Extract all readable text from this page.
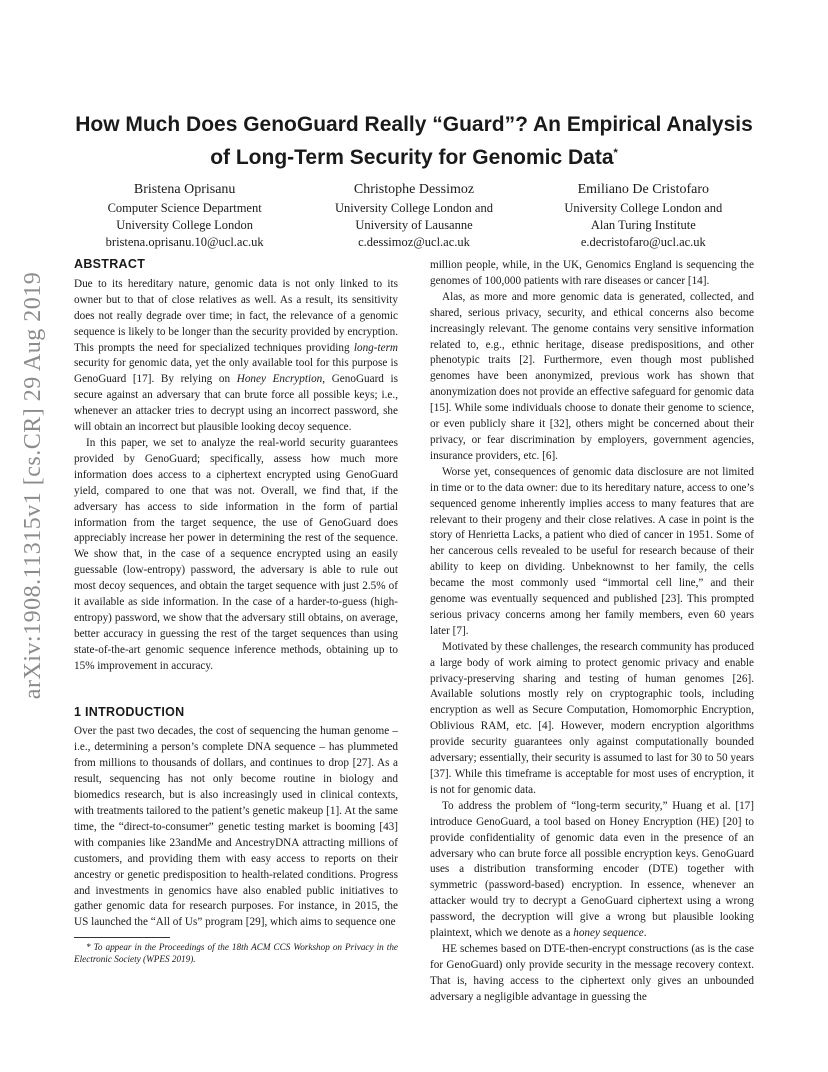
arXiv:1908.11315v1 [cs.CR] 29 Aug 2019
How Much Does GenoGuard Really “Guard”? An Empirical Analysis of Long-Term Security for Genomic Data*
Bristena Oprisanu
Computer Science Department
University College London
bristena.oprisanu.10@ucl.ac.uk
Christophe Dessimoz
University College London and
University of Lausanne
c.dessimoz@ucl.ac.uk
Emiliano De Cristofaro
University College London and
Alan Turing Institute
e.decristofaro@ucl.ac.uk
ABSTRACT

Due to its hereditary nature, genomic data is not only linked to its owner but to that of close relatives as well. As a result, its sensitivity does not really degrade over time; in fact, the relevance of a genomic sequence is likely to be longer than the security provided by encryption. This prompts the need for specialized techniques providing long-term security for genomic data, yet the only available tool for this purpose is GenoGuard [17]. By relying on Honey Encryption, GenoGuard is secure against an adversary that can brute force all possible keys; i.e., whenever an attacker tries to decrypt using an incorrect password, she will obtain an incorrect but plausible looking decoy sequence.

In this paper, we set to analyze the real-world security guarantees provided by GenoGuard; specifically, assess how much more information does access to a ciphertext encrypted using GenoGuard yield, compared to one that was not. Overall, we find that, if the adversary has access to side information in the form of partial information from the target sequence, the use of GenoGuard does appreciably increase her power in determining the rest of the sequence. We show that, in the case of a sequence encrypted using an easily guessable (low-entropy) password, the adversary is able to rule out most decoy sequences, and obtain the target sequence with just 2.5% of it available as side information. In the case of a harder-to-guess (high-entropy) password, we show that the adversary still obtains, on average, better accuracy in guessing the rest of the target sequences than using state-of-the-art genomic sequence inference methods, obtaining up to 15% improvement in accuracy.

1 INTRODUCTION

Over the past two decades, the cost of sequencing the human genome – i.e., determining a person’s complete DNA sequence – has plummeted from millions to thousands of dollars, and continues to drop [27]. As a result, sequencing has not only become routine in biology and biomedics research, but is also increasingly used in clinical contexts, with treatments tailored to the patient’s genetic makeup [1]. At the same time, the “direct-to-consumer” genetic testing market is booming [43] with companies like 23andMe and AncestryDNA attracting millions of customers, and providing them with easy access to reports on their ancestry or genetic predisposition to health-related conditions. Progress and investments in genomics have also enabled public initiatives to gather genomic data for research purposes. For instance, in 2015, the US launched the “All of Us” program [29], which aims to sequence one

* To appear in the Proceedings of the 18th ACM CCS Workshop on Privacy in the Electronic Society (WPES 2019).

million people, while, in the UK, Genomics England is sequencing the genomes of 100,000 patients with rare diseases or cancer [14].

Alas, as more and more genomic data is generated, collected, and shared, serious privacy, security, and ethical concerns also become increasingly relevant. The genome contains very sensitive information related to, e.g., ethnic heritage, disease predispositions, and other phenotypic traits [2]. Furthermore, even though most published genomes have been anonymized, previous work has shown that anonymization does not provide an effective safeguard for genomic data [15]. While some individuals choose to donate their genome to science, or even publicly share it [32], others might be concerned about their privacy, or fear discrimination by employers, government agencies, insurance providers, etc. [6].

Worse yet, consequences of genomic data disclosure are not limited in time or to the data owner: due to its hereditary nature, access to one’s sequenced genome inherently implies access to many features that are relevant to their progeny and their close relatives. A case in point is the story of Henrietta Lacks, a patient who died of cancer in 1951. Some of her cancerous cells revealed to be useful for research because of their ability to keep on dividing. Unbeknownst to her family, the cells became the most commonly used “immortal cell line,” and their genome was eventually sequenced and published [23]. This prompted serious privacy concerns among her family members, even 60 years later [7].

Motivated by these challenges, the research community has produced a large body of work aiming to protect genomic privacy and enable privacy-preserving sharing and testing of human genomes [26]. Available solutions mostly rely on cryptographic tools, including encryption as well as Secure Computation, Homomorphic Encryption, Oblivious RAM, etc. [4]. However, modern encryption algorithms provide security guarantees only against computationally bounded adversary; essentially, their security is assumed to last for 30 to 50 years [37]. While this timeframe is acceptable for most uses of encryption, it is not for genomic data.

To address the problem of “long-term security,” Huang et al. [17] introduce GenoGuard, a tool based on Honey Encryption (HE) [20] to provide confidentiality of genomic data even in the presence of an adversary who can brute force all possible encryption keys. GenoGuard uses a distribution transforming encoder (DTE) together with symmetric (password-based) encryption. In essence, whenever an attacker would try to decrypt a GenoGuard ciphertext using a wrong password, the decryption will give a wrong but plausible looking plaintext, which we denote as a honey sequence.

HE schemes based on DTE-then-encrypt constructions (as is the case for GenoGuard) only provide security in the message recovery context. That is, having access to the ciphertext only gives an unbounded adversary a negligible advantage in guessing the
